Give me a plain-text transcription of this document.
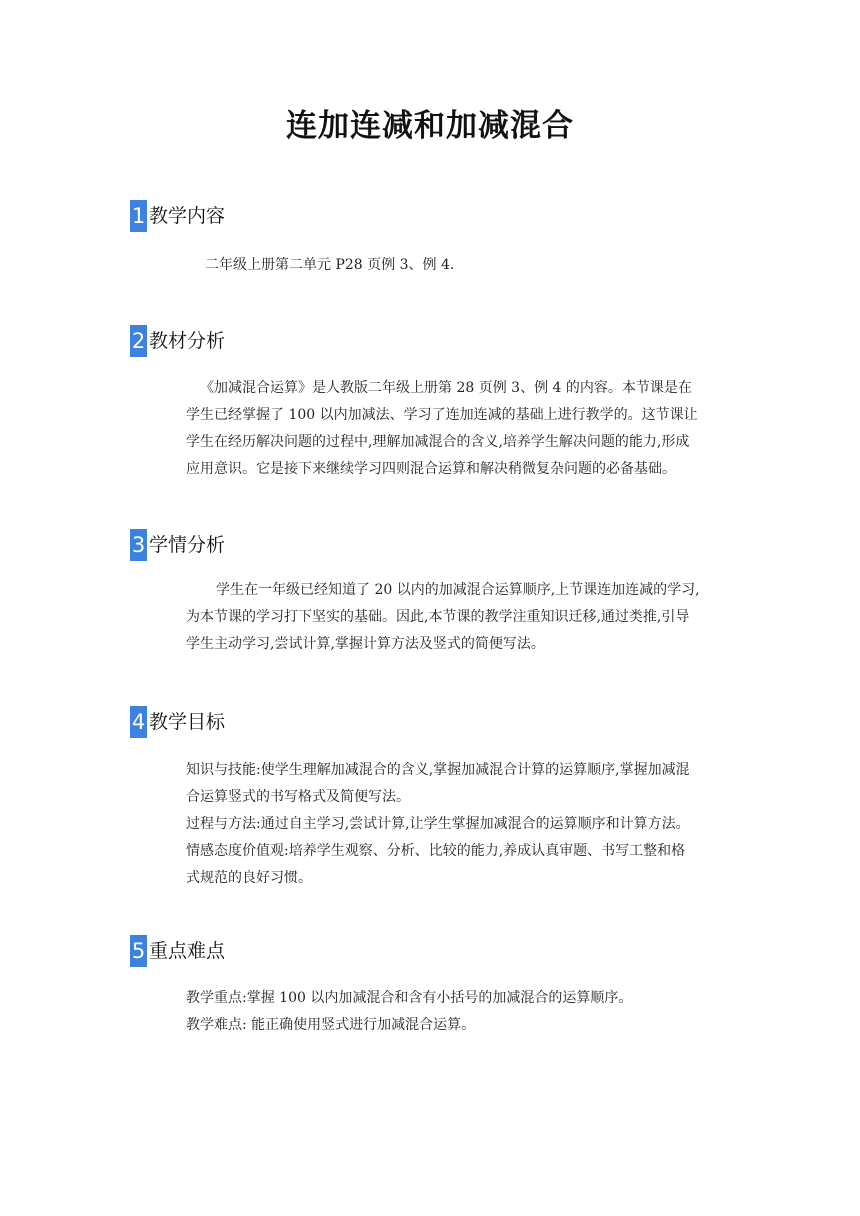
连加连减和加减混合
1 教学内容
二年级上册第二单元 P28 页例 3、例 4.
2 教材分析
《加减混合运算》是人教版二年级上册第 28 页例 3、例 4 的内容。本节课是在
学生已经掌握了 100 以内加减法、学习了连加连减的基础上进行教学的。这节课让
学生在经历解决问题的过程中,理解加减混合的含义,培养学生解决问题的能力,形成
应用意识。它是接下来继续学习四则混合运算和解决稍微复杂问题的必备基础。
3 学情分析
学生在一年级已经知道了 20 以内的加减混合运算顺序,上节课连加连减的学习,
为本节课的学习打下坚实的基础。因此,本节课的教学注重知识迁移,通过类推,引导
学生主动学习,尝试计算,掌握计算方法及竖式的简便写法。
4 教学目标
知识与技能:使学生理解加减混合的含义,掌握加减混合计算的运算顺序,掌握加减混
合运算竖式的书写格式及简便写法。
过程与方法:通过自主学习,尝试计算,让学生掌握加减混合的运算顺序和计算方法。
情感态度价值观:培养学生观察、分析、比较的能力,养成认真审题、书写工整和格
式规范的良好习惯。
5 重点难点
教学重点:掌握 100 以内加减混合和含有小括号的加减混合的运算顺序。
教学难点: 能正确使用竖式进行加减混合运算。
